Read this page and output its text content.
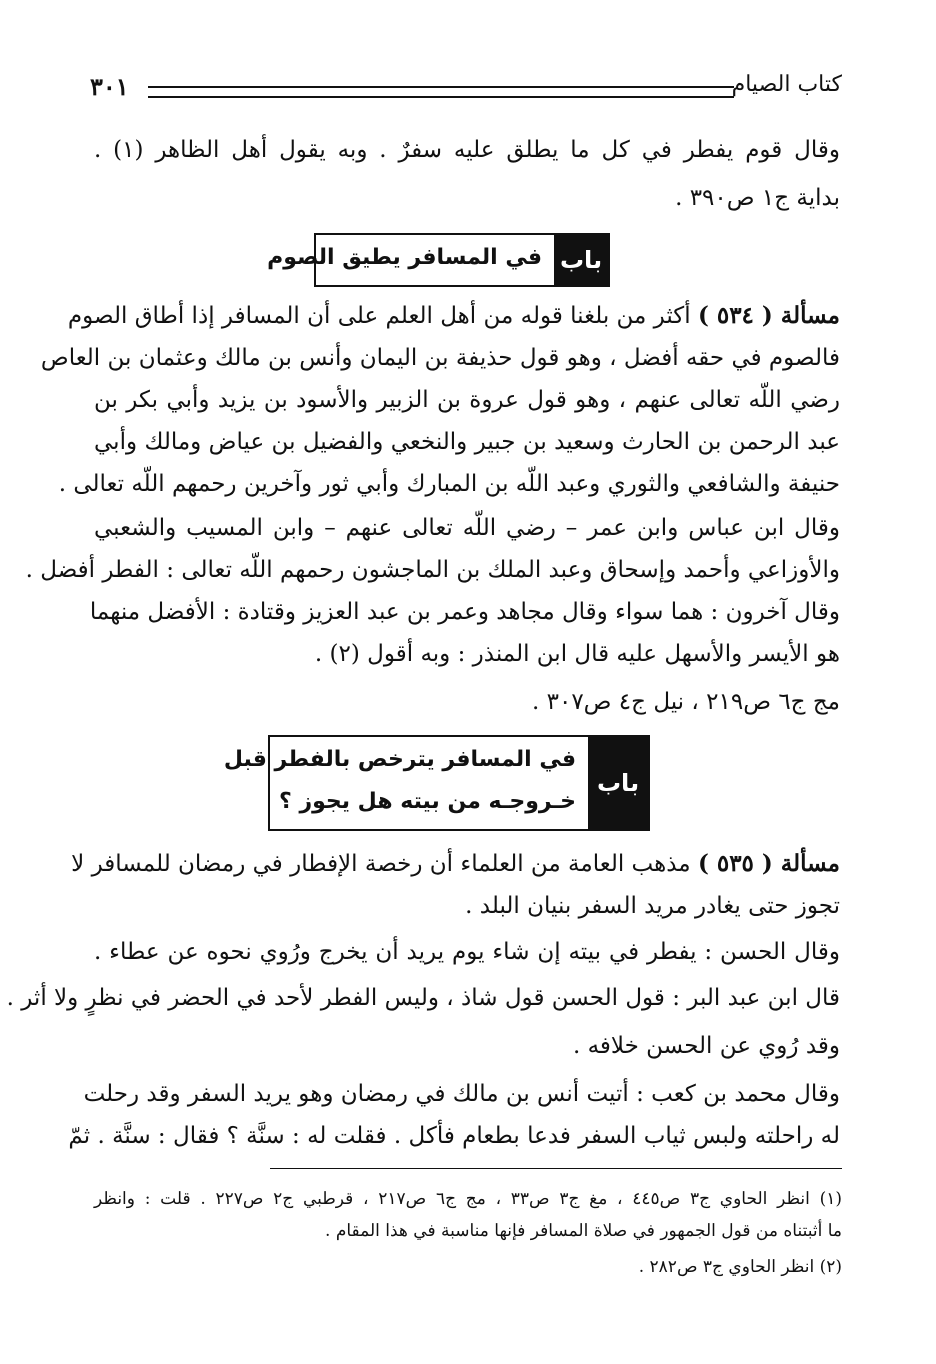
كتاب الصيام
٣٠١
وقال قوم يفطر في كل ما يطلق عليه سفرٌ . وبه يقول أهل الظاهر (١) .
بداية ج١ ص٣٩٠ .
باب
في المسافر يطيق الصوم
مسألة ( ٥٣٤ ) أكثر من بلغنا قوله من أهل العلم على أن المسافر إذا أطاق الصوم
فالصوم في حقه أفضل ، وهو قول حذيفة بن اليمان وأنس بن مالك وعثمان بن العاص
رضي اللّه تعالى عنهم ، وهو قول عروة بن الزبير والأسود بن يزيد وأبي بكر بن
عبد الرحمن بن الحارث وسعيد بن جبير والنخعي والفضيل بن عياض ومالك وأبي
حنيفة والشافعي والثوري وعبد اللّه بن المبارك وأبي ثور وآخرين رحمهم اللّه تعالى .
وقال ابن عباس وابن عمر – رضي اللّه تعالى عنهم – وابن المسيب والشعبي
والأوزاعي وأحمد وإسحاق وعبد الملك بن الماجشون رحمهم اللّه تعالى : الفطر أفضل .
وقال آخرون : هما سواء وقال مجاهد وعمر بن عبد العزيز وقتادة : الأفضل منهما
هو الأيسر والأسهل عليه قال ابن المنذر : وبه أقول (٢) .
مج ج٦ ص٢١٩ ، نيل ج٤ ص٣٠٧ .
باب
في المسافر يترخص بالفطر قبل
خـروجـه من بيته هل يجوز ؟
مسألة ( ٥٣٥ ) مذهب العامة من العلماء أن رخصة الإفطار في رمضان للمسافر لا
تجوز حتى يغادر مريد السفر بنيان البلد .
وقال الحسن : يفطر في بيته إن شاء يوم يريد أن يخرج ورُوي نحوه عن عطاء .
قال ابن عبد البر : قول الحسن قول شاذ ، وليس الفطر لأحد في الحضر في نظرٍ ولا أثر .
وقد رُوي عن الحسن خلافه .
وقال محمد بن كعب : أتيت أنس بن مالك في رمضان وهو يريد السفر وقد رحلت
له راحلته ولبس ثياب السفر فدعا بطعام فأكل . فقلت له : سنَّة ؟ فقال : سنَّة . ثمّ
(١) انظر الحاوي ج٣ ص٤٤٥ ، مغ ج٣ ص٣٣ ، مج ج٦ ص٢١٧ ، قرطبي ج٢ ص٢٢٧ . قلت : وانظر
ما أثبتناه من قول الجمهور في صلاة المسافر فإنها مناسبة في هذا المقام .
(٢) انظر الحاوي ج٣ ص٢٨٢ .
